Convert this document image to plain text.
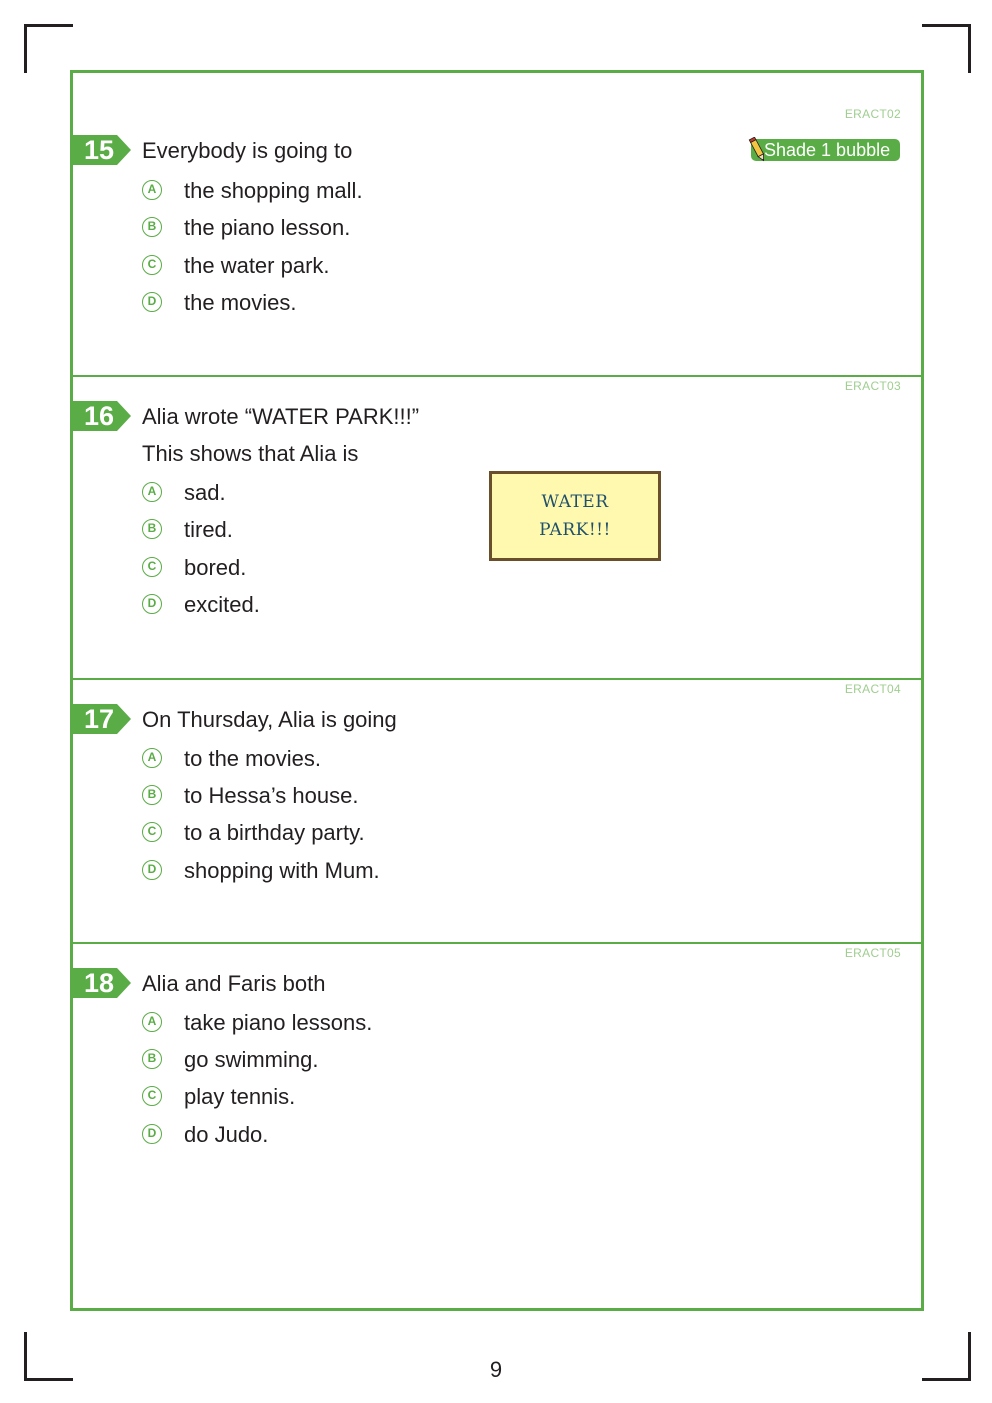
ERACT02
Shade 1 bubble
15 Everybody is going to
A the shopping mall.
B the piano lesson.
C the water park.
D the movies.
ERACT03
16 Alia wrote “WATER PARK!!!”
This shows that Alia is
A sad.
B tired.
C bored.
D excited.
WATER
PARK!!!
ERACT04
17 On Thursday, Alia is going
A to the movies.
B to Hessa’s house.
C to a birthday party.
D shopping with Mum.
ERACT05
18 Alia and Faris both
A take piano lessons.
B go swimming.
C play tennis.
D do Judo.
9
